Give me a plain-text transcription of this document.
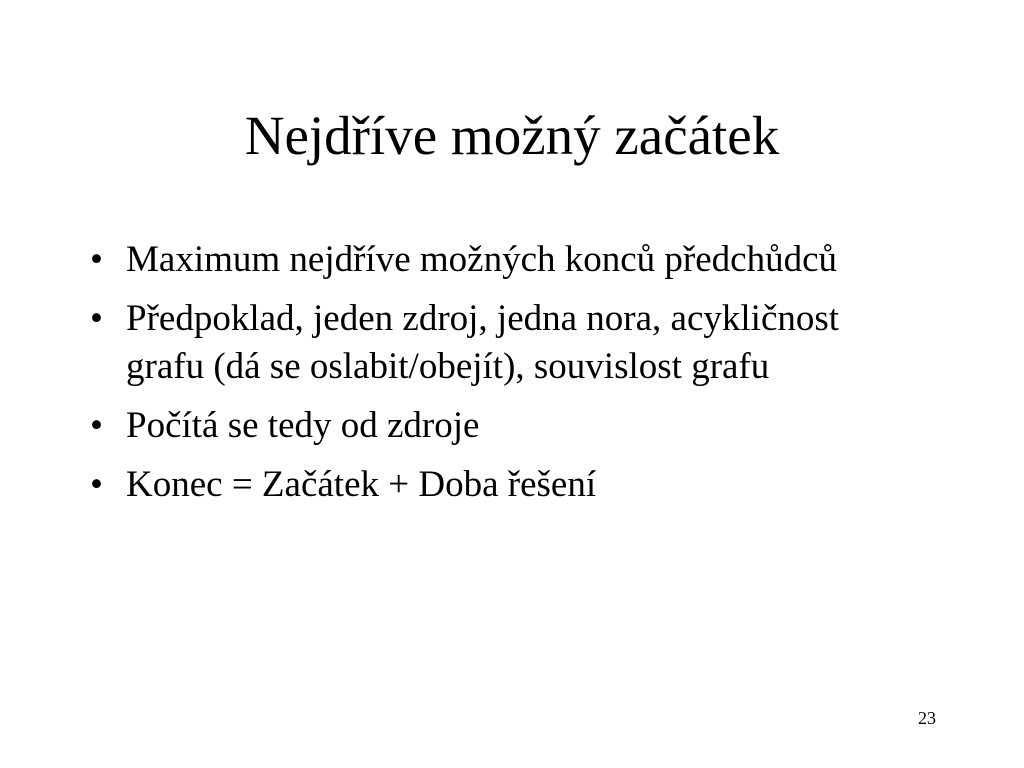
Nejdříve možný začátek
• Maximum nejdříve možných konců předchůdců
• Předpoklad, jeden zdroj, jedna nora, acykličnost grafu (dá se oslabit/obejít), souvislost grafu
• Počítá se tedy od zdroje
• Konec = Začátek + Doba řešení
23
